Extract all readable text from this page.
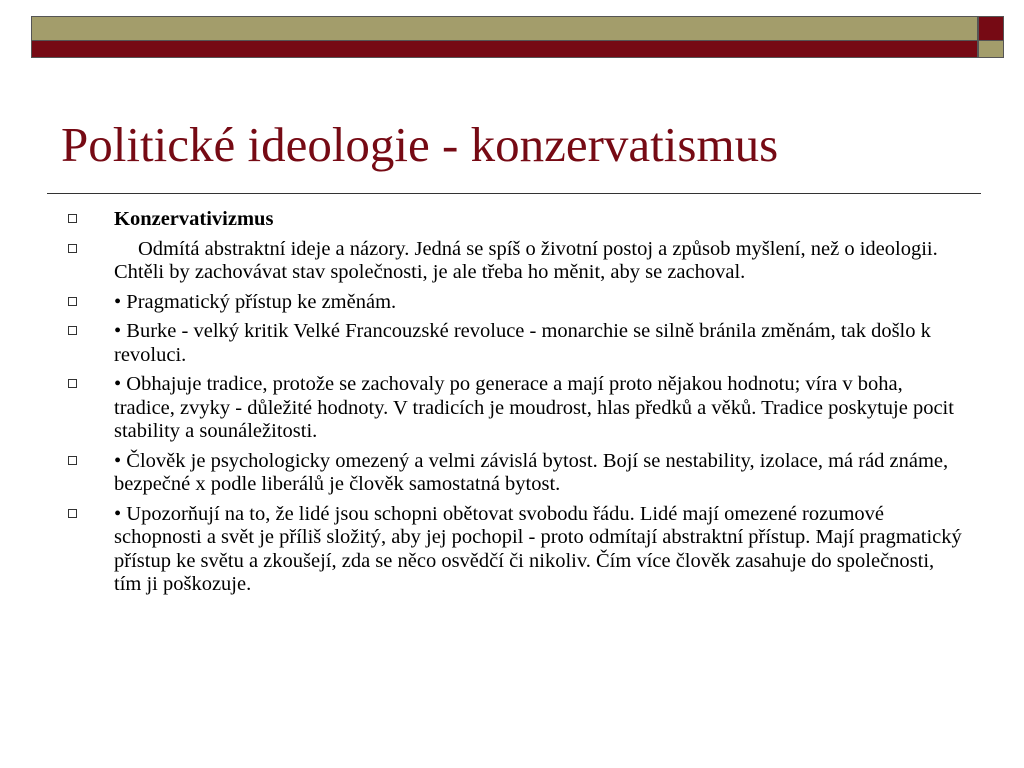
Politické ideologie - konzervatismus
Konzervativizmus
Odmítá abstraktní ideje a názory. Jedná se spíš o životní postoj a způsob myšlení, než o ideologii. Chtěli by zachovávat stav společnosti, je ale třeba ho měnit, aby se zachoval.
• Pragmatický přístup ke změnám.
• Burke - velký kritik Velké Francouzské revoluce - monarchie se silně bránila změnám, tak došlo k revoluci.
• Obhajuje tradice, protože se zachovaly po generace a mají proto nějakou hodnotu; víra v boha, tradice, zvyky - důležité hodnoty. V tradicích je moudrost, hlas předků a věků. Tradice poskytuje pocit stability a sounáležitosti.
• Člověk je psychologicky omezený a velmi závislá bytost. Bojí se nestability, izolace, má rád známe, bezpečné x podle liberálů je člověk samostatná bytost.
• Upozorňují na to, že lidé jsou schopni obětovat svobodu řádu. Lidé mají omezené rozumové schopnosti a svět je příliš složitý, aby jej pochopil - proto odmítají abstraktní přístup. Mají pragmatický přístup ke světu a zkoušejí, zda se něco osvědčí či nikoliv. Čím více člověk zasahuje do společnosti, tím ji poškozuje.
